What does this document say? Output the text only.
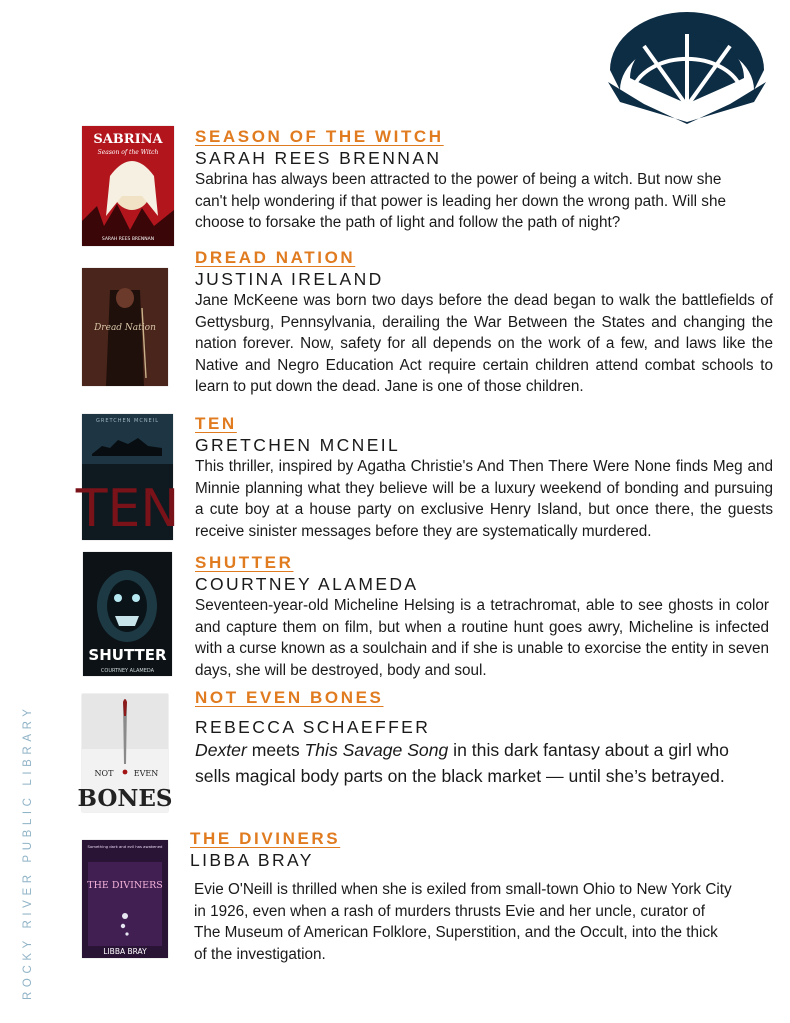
ROCKY RIVER PUBLIC LIBRARY
SABRINA
Season of the Witch
SARAH REES BRENNAN
SEASON OF THE WITCH
SARAH REES BRENNAN

Sabrina has always been attracted to the power of being a witch. But now she can't help wondering if that power is leading her down the wrong path. Will she choose to forsake the path of light and follow the path of night?

Dread Nation
DREAD NATION
JUSTINA IRELAND

Jane McKeene was born two days before the dead began to walk the battlefields of Gettysburg, Pennsylvania, derailing the War Between the States and changing the nation forever. Now, safety for all depends on the work of a few, and laws like the Native and Negro Education Act require certain children attend combat schools to learn to put down the dead. Jane is one of those children.

GRETCHEN MCNEIL
TEN
TEN
GRETCHEN MCNEIL

This thriller, inspired by Agatha Christie's And Then There Were None finds Meg and Minnie planning what they believe will be a luxury weekend of bonding and pursuing a cute boy at a house party on exclusive Henry Island, but once there, the guests receive sinister messages before they are systematically murdered.

SHUTTER
COURTNEY ALAMEDA
SHUTTER
COURTNEY ALAMEDA

Seventeen-year-old Micheline Helsing is a tetrachromat, able to see ghosts in color and capture them on film, but when a routine hunt goes awry, Micheline is infected with a curse known as a soulchain and if she is unable to exorcise the entity in seven days, she will be destroyed, body and soul.

NOT	EVEN
BONES
NOT EVEN BONES
REBECCA SCHAEFFER

Dexter meets This Savage Song in this dark fantasy about a girl who sells magical body parts on the black market — until she’s betrayed.

Something dark and evil has awakened
THE DIVINERS
LIBBA BRAY
THE DIVINERS
LIBBA BRAY

Evie O'Neill is thrilled when she is exiled from small-town Ohio to New York City in 1926, even when a rash of murders thrusts Evie and her uncle, curator of The Museum of American Folklore, Superstition, and the Occult, into the thick of the investigation.
